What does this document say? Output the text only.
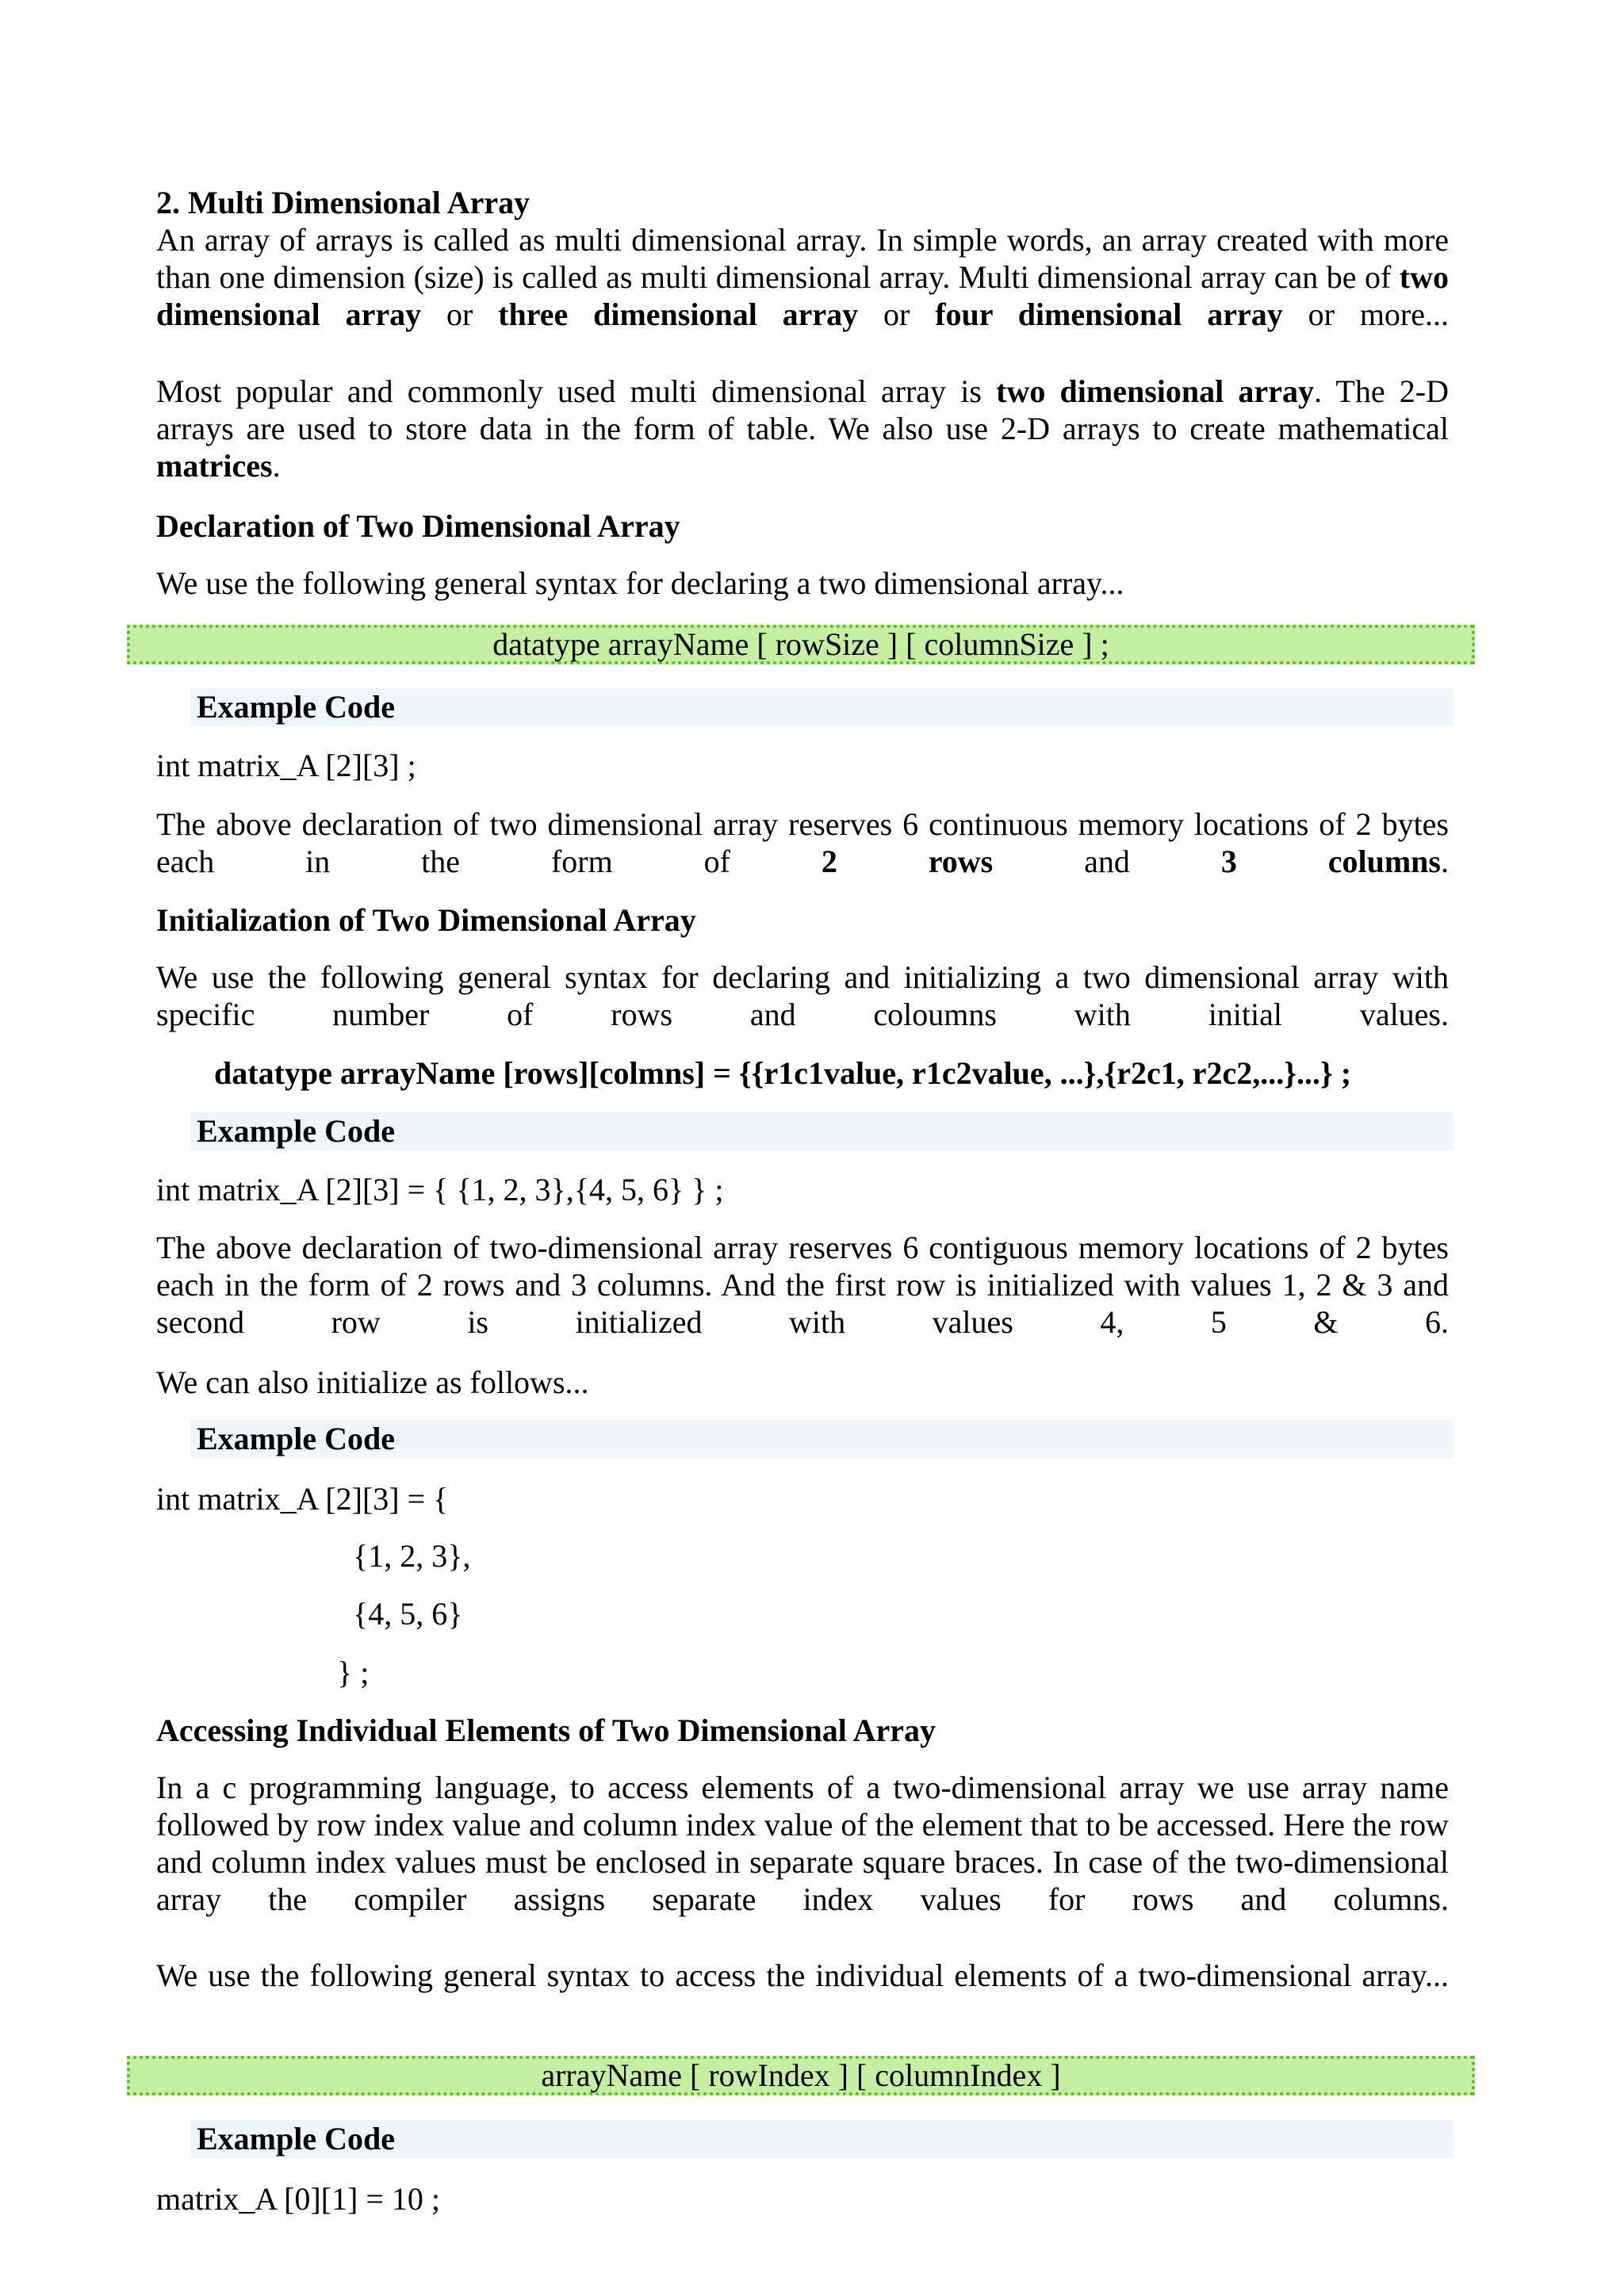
2. Multi Dimensional Array

An array of arrays is called as multi dimensional array. In simple words, an array created with more than one dimension (size) is called as multi dimensional array. Multi dimensional array can be of two dimensional array or three dimensional array or four dimensional array or more...

Most popular and commonly used multi dimensional array is two dimensional array. The 2-D arrays are used to store data in the form of table. We also use 2-D arrays to create mathematical matrices.

Declaration of Two Dimensional Array

We use the following general syntax for declaring a two dimensional array...

datatype arrayName [ rowSize ] [ columnSize ] ;
Example Code

int matrix_A [2][3] ;

The above declaration of two dimensional array reserves 6 continuous memory locations of 2 bytes each in the form of 2 rows and 3 columns.

Initialization of Two Dimensional Array

We use the following general syntax for declaring and initializing a two dimensional array with specific number of rows and coloumns with initial values.

datatype arrayName [rows][colmns] = {{r1c1value, r1c2value, ...},{r2c1, r2c2,...}...} ;

Example Code

int matrix_A [2][3] = { {1, 2, 3},{4, 5, 6} } ;

The above declaration of two-dimensional array reserves 6 contiguous memory locations of 2 bytes each in the form of 2 rows and 3 columns. And the first row is initialized with values 1, 2 & 3 and second row is initialized with values 4, 5 & 6.

We can also initialize as follows...

Example Code

int matrix_A [2][3] = {

{1, 2, 3},

{4, 5, 6}

} ;

Accessing Individual Elements of Two Dimensional Array

In a c programming language, to access elements of a two-dimensional array we use array name followed by row index value and column index value of the element that to be accessed. Here the row and column index values must be enclosed in separate square braces. In case of the two-dimensional array the compiler assigns separate index values for rows and columns.

We use the following general syntax to access the individual elements of a two-dimensional array...

arrayName [ rowIndex ] [ columnIndex ]
Example Code

matrix_A [0][1] = 10 ;
